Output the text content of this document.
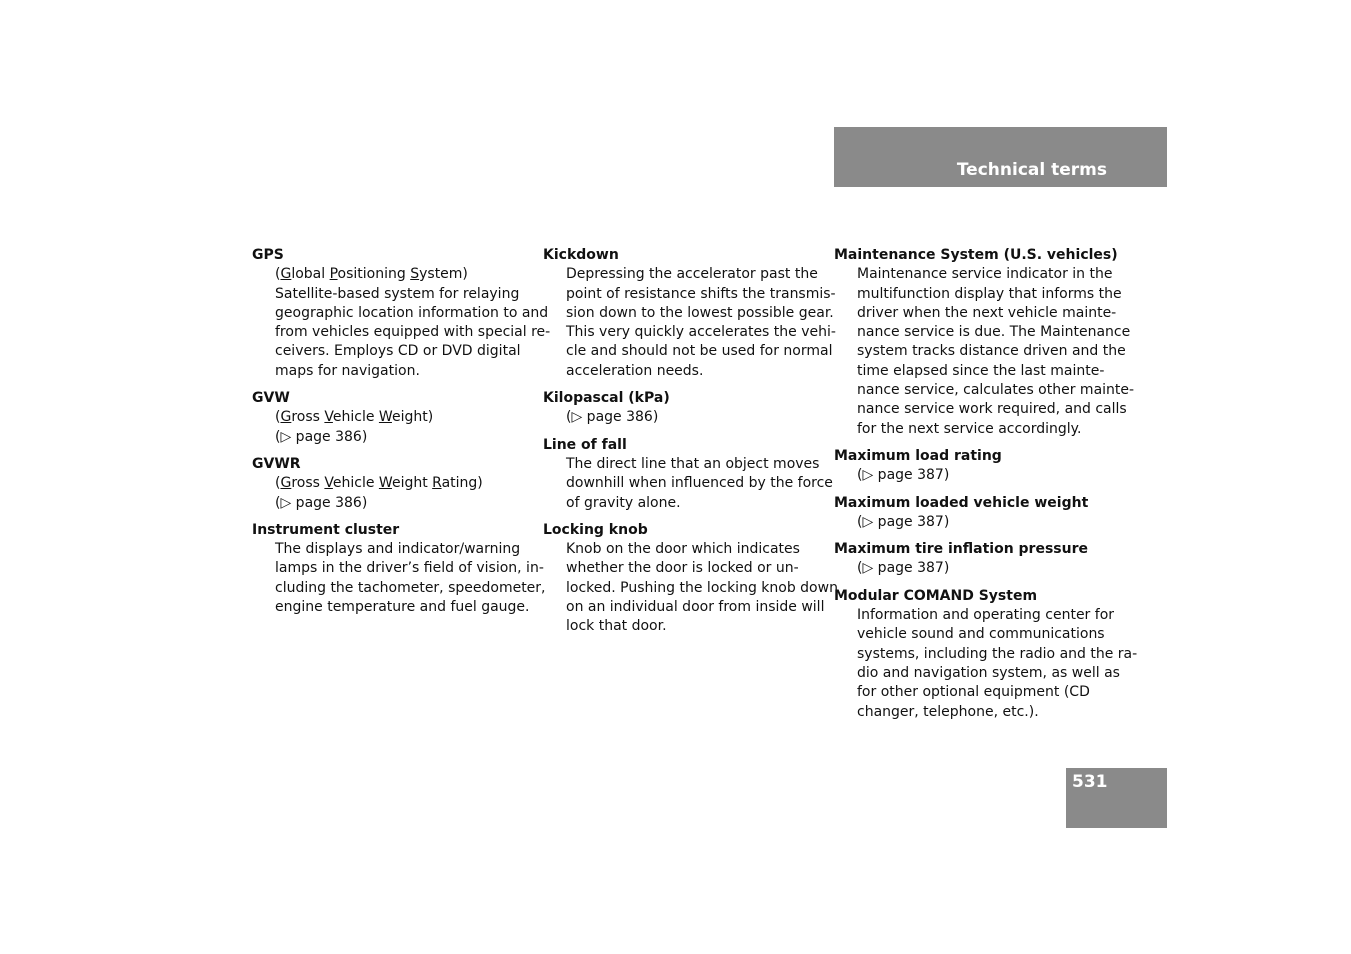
Technical terms
GPS
(Global Positioning System)
Satellite-based system for relaying
geographic location information to and
from vehicles equipped with special re-
ceivers. Employs CD or DVD digital
maps for navigation.
GVW
(Gross Vehicle Weight)
(▷ page 386)
GVWR
(Gross Vehicle Weight Rating)
(▷ page 386)
Instrument cluster
The displays and indicator/warning
lamps in the driver’s field of vision, in-
cluding the tachometer, speedometer,
engine temperature and fuel gauge.
Kickdown
Depressing the accelerator past the
point of resistance shifts the transmis-
sion down to the lowest possible gear.
This very quickly accelerates the vehi-
cle and should not be used for normal
acceleration needs.
Kilopascal (kPa)
(▷ page 386)
Line of fall
The direct line that an object moves
downhill when influenced by the force
of gravity alone.
Locking knob
Knob on the door which indicates
whether the door is locked or un-
locked. Pushing the locking knob down
on an individual door from inside will
lock that door.
Maintenance System (U.S. vehicles)
Maintenance service indicator in the
multifunction display that informs the
driver when the next vehicle mainte-
nance service is due. The Maintenance
system tracks distance driven and the
time elapsed since the last mainte-
nance service, calculates other mainte-
nance service work required, and calls
for the next service accordingly.
Maximum load rating
(▷ page 387)
Maximum loaded vehicle weight
(▷ page 387)
Maximum tire inflation pressure
(▷ page 387)
Modular COMAND System
Information and operating center for
vehicle sound and communications
systems, including the radio and the ra-
dio and navigation system, as well as
for other optional equipment (CD
changer, telephone, etc.).
531
